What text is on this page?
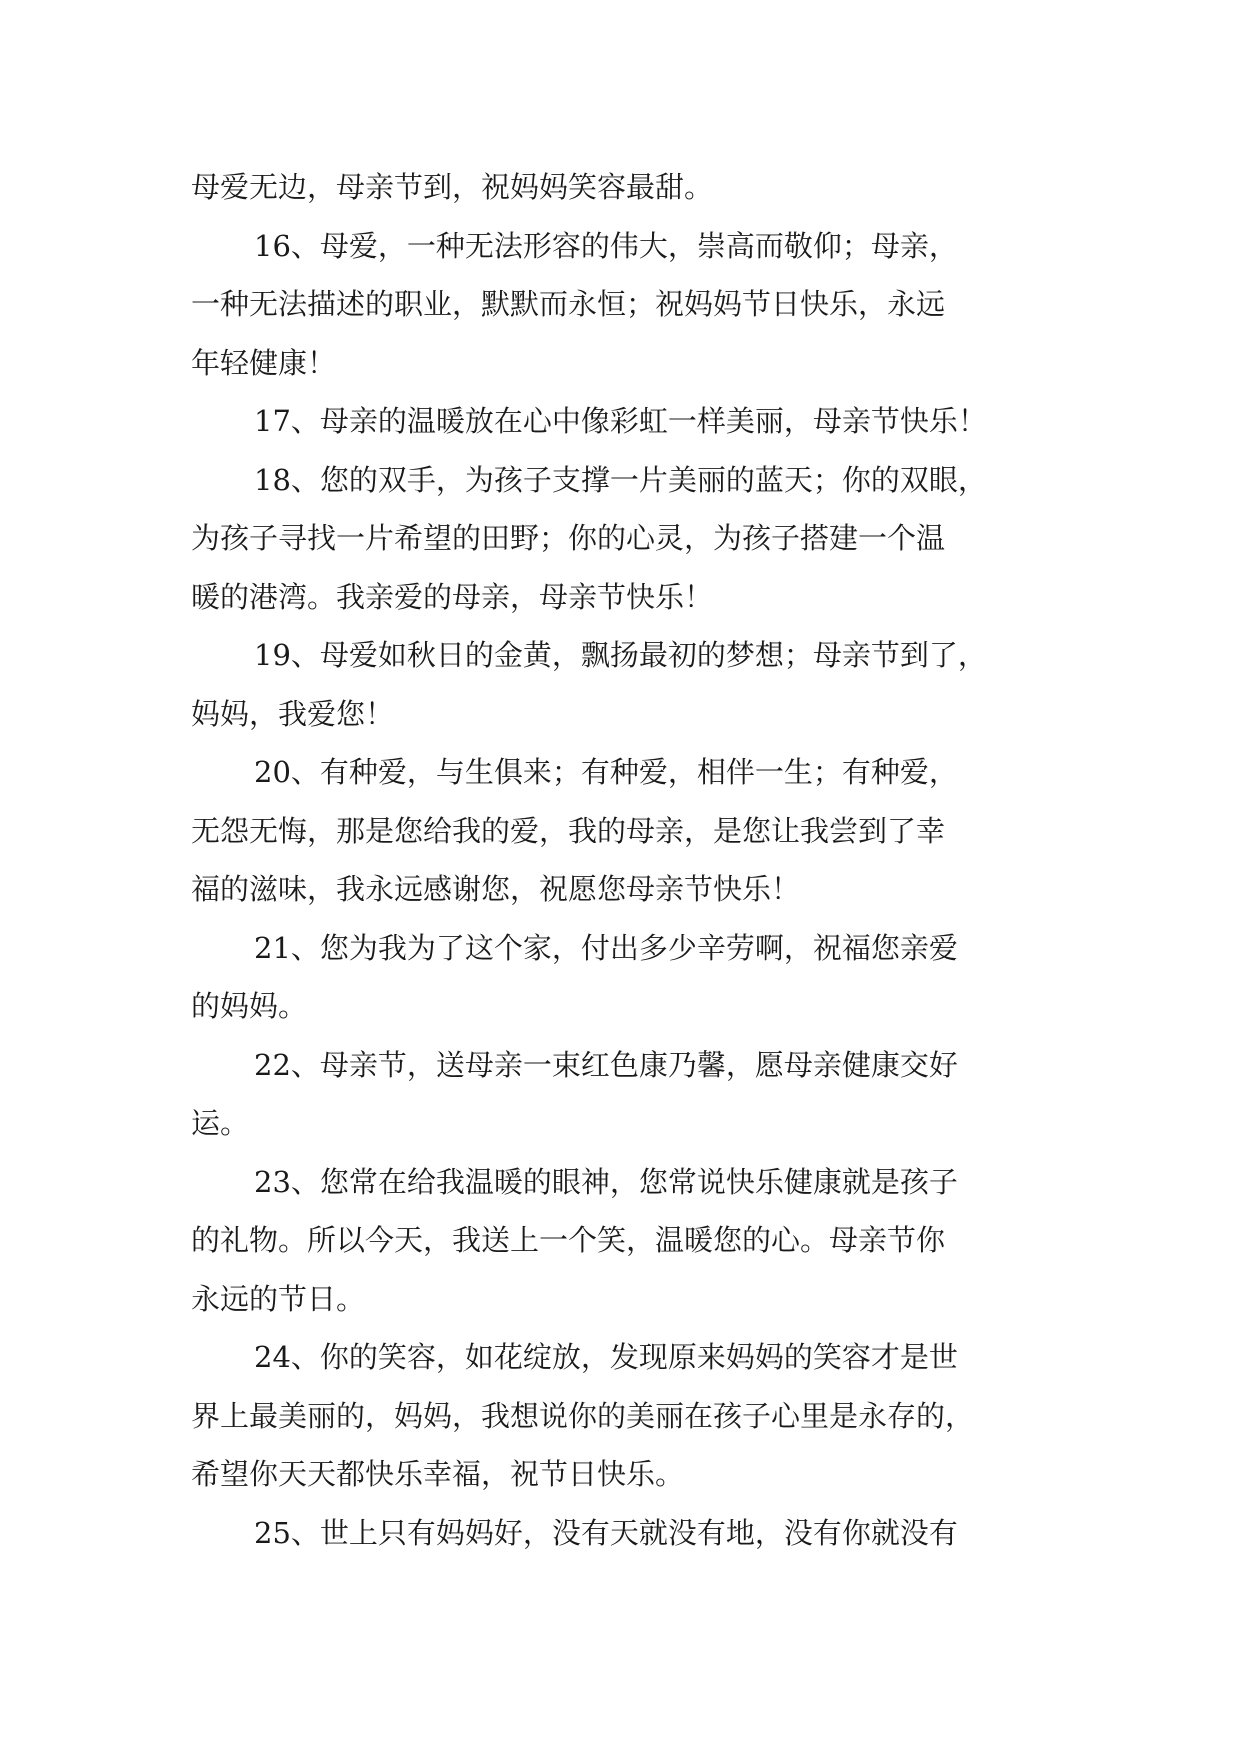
母爱无边，母亲节到，祝妈妈笑容最甜。
16、母爱，一种无法形容的伟大，崇高而敬仰；母亲，
一种无法描述的职业，默默而永恒；祝妈妈节日快乐，永远
年轻健康！
17、母亲的温暖放在心中像彩虹一样美丽，母亲节快乐！
18、您的双手，为孩子支撑一片美丽的蓝天；你的双眼，
为孩子寻找一片希望的田野；你的心灵，为孩子搭建一个温
暖的港湾。我亲爱的母亲，母亲节快乐！
19、母爱如秋日的金黄，飘扬最初的梦想；母亲节到了，
妈妈，我爱您！
20、有种爱，与生俱来；有种爱，相伴一生；有种爱，
无怨无悔，那是您给我的爱，我的母亲，是您让我尝到了幸
福的滋味，我永远感谢您，祝愿您母亲节快乐！
21、您为我为了这个家，付出多少辛劳啊，祝福您亲爱
的妈妈。
22、母亲节，送母亲一束红色康乃馨，愿母亲健康交好
运。
23、您常在给我温暖的眼神，您常说快乐健康就是孩子
的礼物。所以今天，我送上一个笑，温暖您的心。母亲节你
永远的节日。
24、你的笑容，如花绽放，发现原来妈妈的笑容才是世
界上最美丽的，妈妈，我想说你的美丽在孩子心里是永存的，
希望你天天都快乐幸福，祝节日快乐。
25、世上只有妈妈好，没有天就没有地，没有你就没有
